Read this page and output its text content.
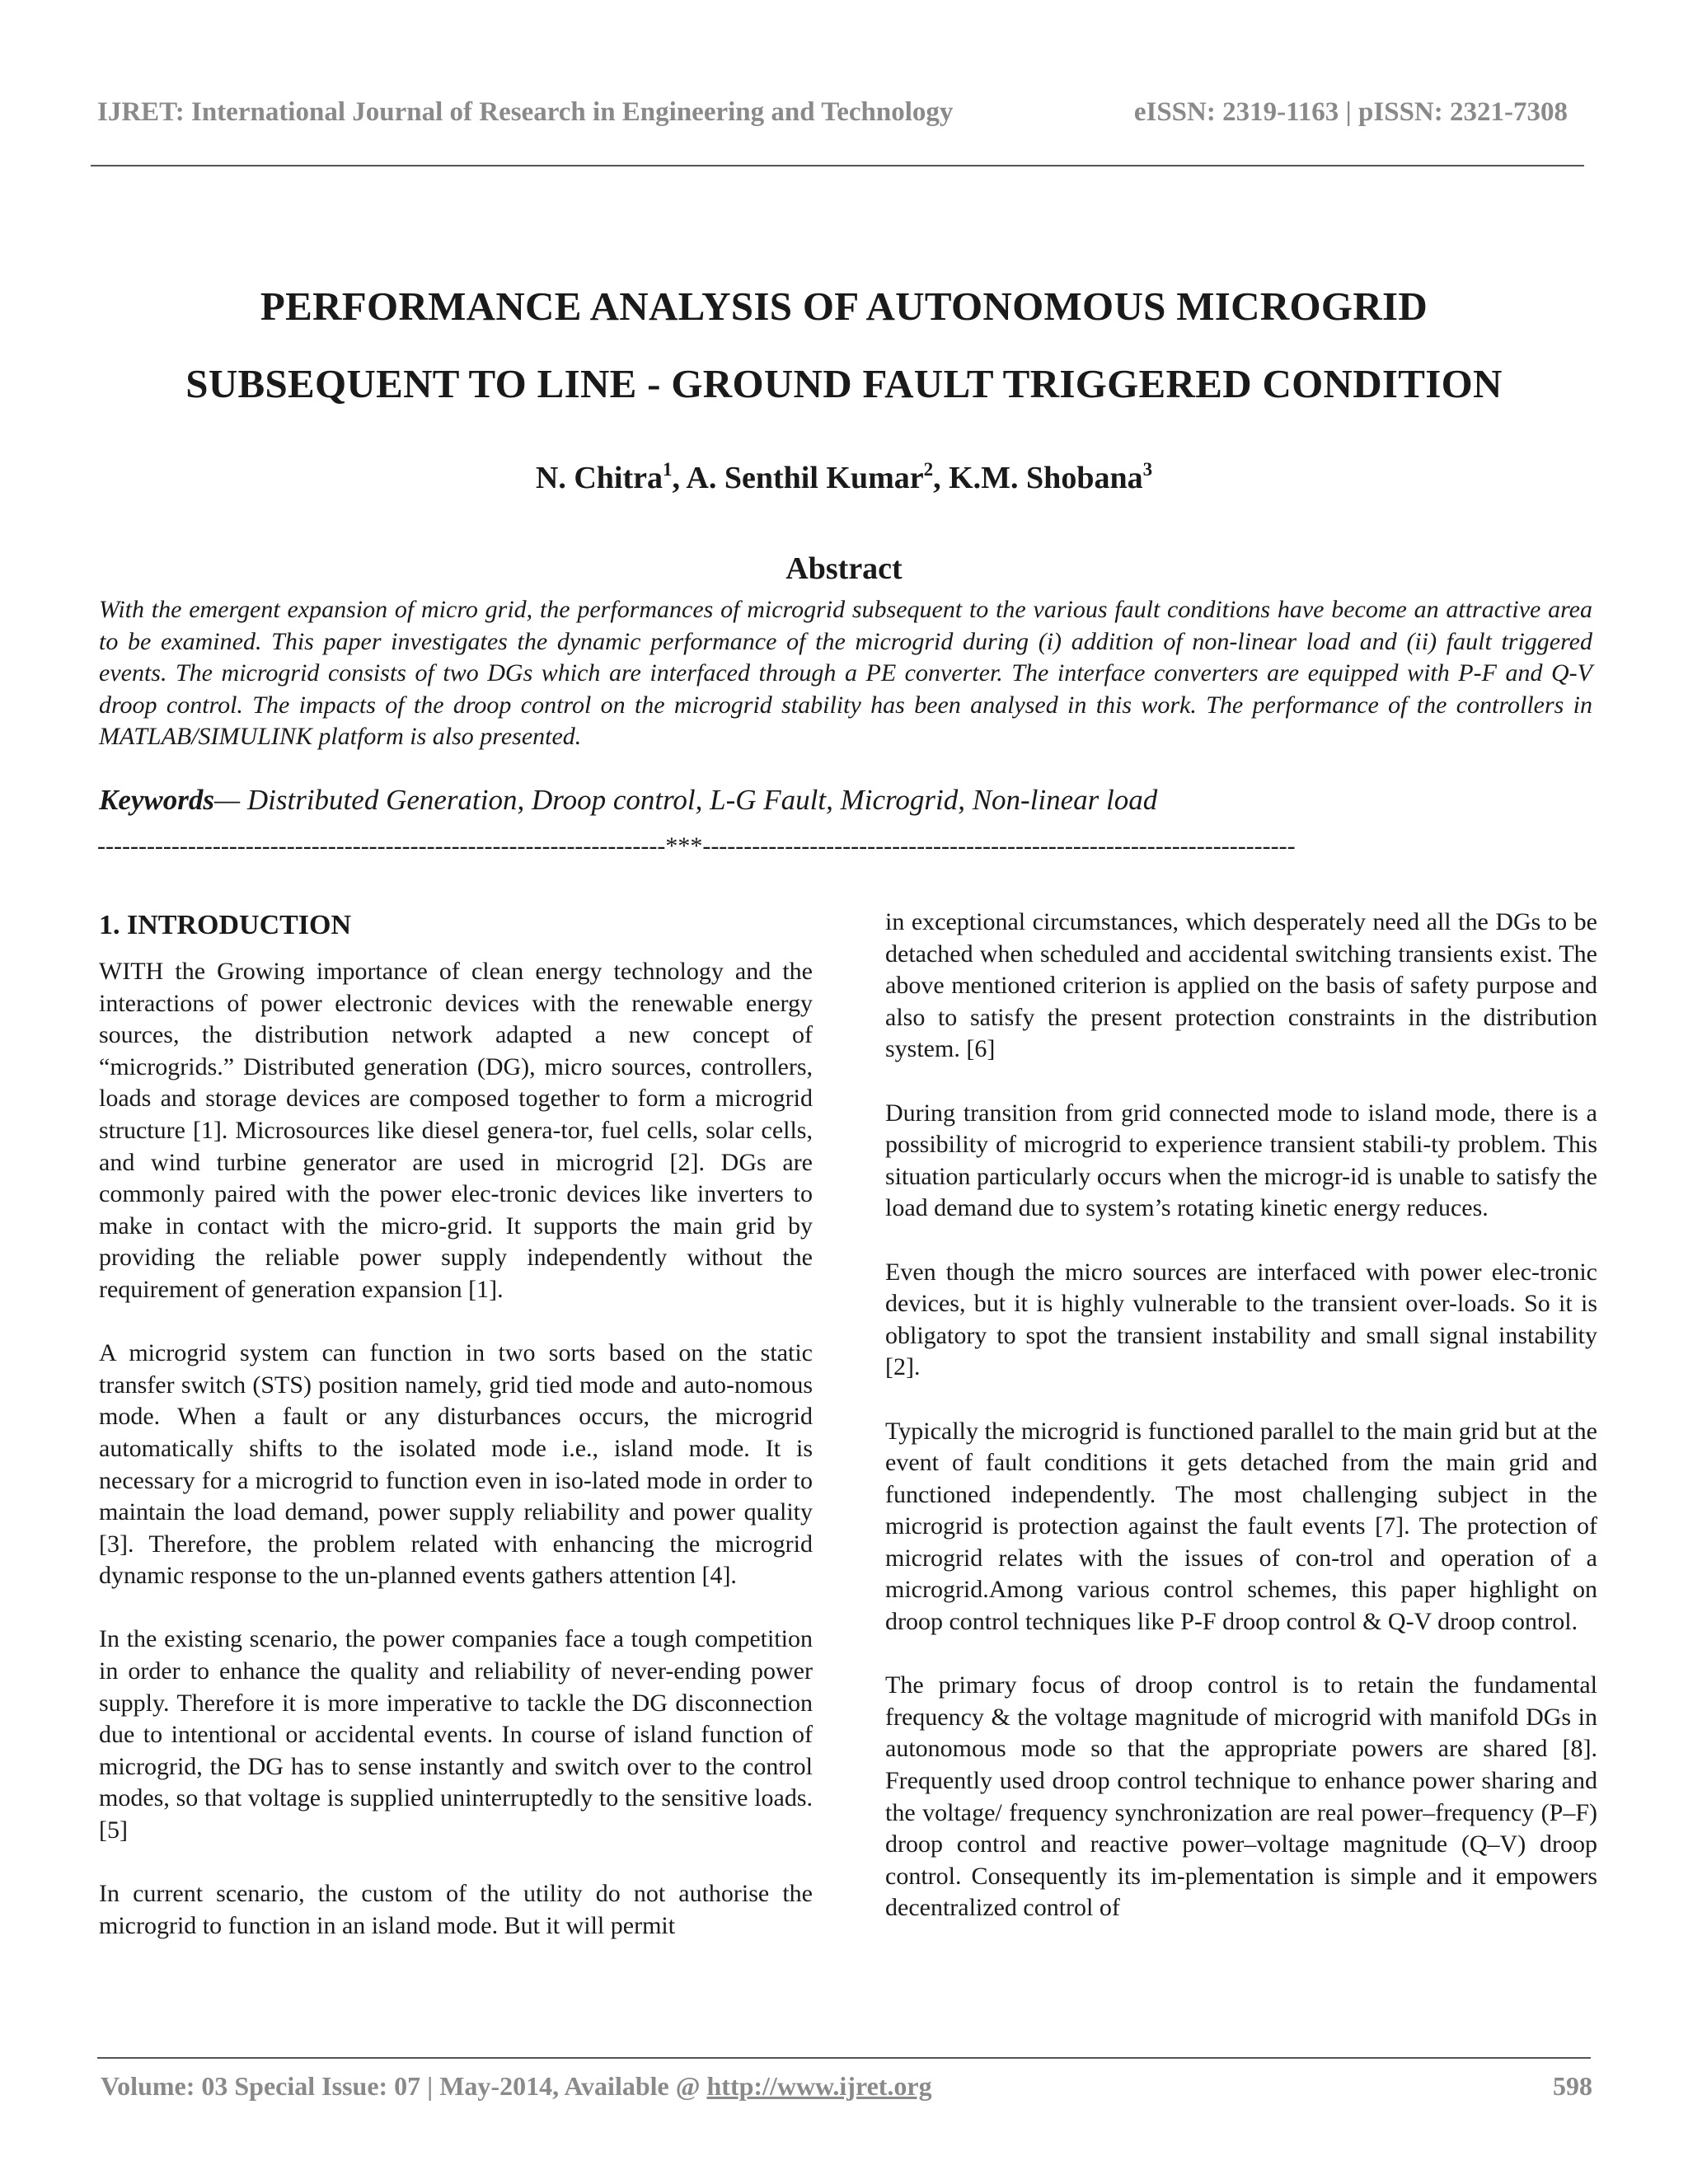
IJRET: International Journal of Research in Engineering and Technology	eISSN: 2319-1163 | pISSN: 2321-7308
PERFORMANCE ANALYSIS OF AUTONOMOUS MICROGRID
SUBSEQUENT TO LINE - GROUND FAULT TRIGGERED CONDITION
N. Chitra$^1$, A. Senthil Kumar$^2$, K.M. Shobana$^3$
Abstract
With the emergent expansion of micro grid, the performances of microgrid subsequent to the various fault conditions have become an attractive area to be examined. This paper investigates the dynamic performance of the microgrid during (i) addition of non-linear load and (ii) fault triggered events. The microgrid consists of two DGs which are interfaced through a PE converter. The interface converters are equipped with P-F and Q-V droop control. The impacts of the droop control on the microgrid stability has been analysed in this work. The performance of the controllers in MATLAB/SIMULINK platform is also presented.
Keywords— Distributed Generation, Droop control, L-G Fault, Microgrid, Non-linear load
---------------------------------------------------------------------***------------------------------------------------------------------------
1. INTRODUCTION

WITH the Growing importance of clean energy technology and the interactions of power electronic devices with the renewable energy sources, the distribution network adapted a new concept of “microgrids.” Distributed generation (DG), micro sources, controllers, loads and storage devices are composed together to form a microgrid structure [1]. Microsources like diesel genera-tor, fuel cells, solar cells, and wind turbine generator are used in microgrid [2]. DGs are commonly paired with the power elec-tronic devices like inverters to make in contact with the micro-grid. It supports the main grid by providing the reliable power supply independently without the requirement of generation expansion [1].

A microgrid system can function in two sorts based on the static transfer switch (STS) position namely, grid tied mode and auto-nomous mode. When a fault or any disturbances occurs, the microgrid automatically shifts to the isolated mode i.e., island mode. It is necessary for a microgrid to function even in iso-lated mode in order to maintain the load demand, power supply reliability and power quality [3]. Therefore, the problem related with enhancing the microgrid dynamic response to the un-planned events gathers attention [4].

In the existing scenario, the power companies face a tough competition in order to enhance the quality and reliability of never-ending power supply. Therefore it is more imperative to tackle the DG disconnection due to intentional or accidental events. In course of island function of microgrid, the DG has to sense instantly and switch over to the control modes, so that voltage is supplied uninterruptedly to the sensitive loads. [5]

In current scenario, the custom of the utility do not authorise the microgrid to function in an island mode. But it will permit

in exceptional circumstances, which desperately need all the DGs to be detached when scheduled and accidental switching transients exist. The above mentioned criterion is applied on the basis of safety purpose and also to satisfy the present protection constraints in the distribution system. [6]

During transition from grid connected mode to island mode, there is a possibility of microgrid to experience transient stabili-ty problem. This situation particularly occurs when the microgr-id is unable to satisfy the load demand due to system’s rotating kinetic energy reduces.

Even though the micro sources are interfaced with power elec-tronic devices, but it is highly vulnerable to the transient over-loads. So it is obligatory to spot the transient instability and small signal instability [2].

Typically the microgrid is functioned parallel to the main grid but at the event of fault conditions it gets detached from the main grid and functioned independently. The most challenging subject in the microgrid is protection against the fault events [7]. The protection of microgrid relates with the issues of con-trol and operation of a microgrid.Among various control schemes, this paper highlight on droop control techniques like P-F droop control & Q-V droop control.

The primary focus of droop control is to retain the fundamental frequency & the voltage magnitude of microgrid with manifold DGs in autonomous mode so that the appropriate powers are shared [8]. Frequently used droop control technique to enhance power sharing and the voltage/ frequency synchronization are real power–frequency (P–F) droop control and reactive power–voltage magnitude (Q–V) droop control. Consequently its im-plementation is simple and it empowers decentralized control of

Volume: 03 Special Issue: 07 | May-2014, Available @ http://www.ijret.org	598
